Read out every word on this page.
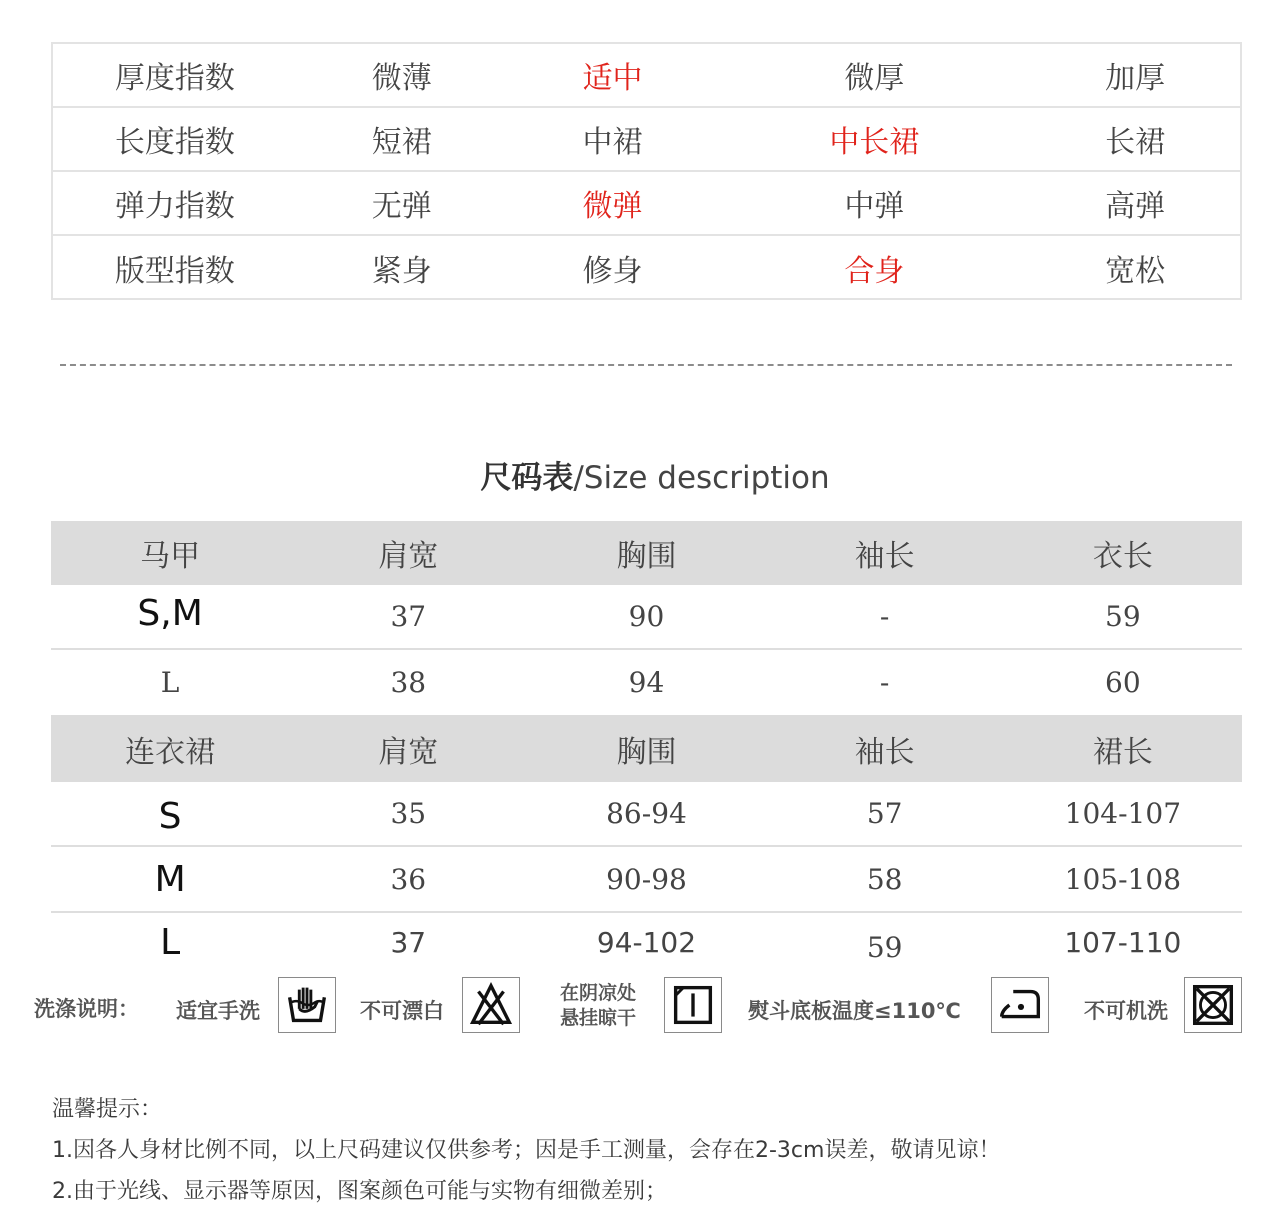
厚度指数	微薄	适中	微厚	加厚
长度指数	短裙	中裙	中长裙	长裙
弹力指数	无弹	微弹	中弹	高弹
版型指数	紧身	修身	合身	宽松
尺码表/Size description
马甲	肩宽	胸围	袖长	衣长
S,M	37	90	-	59
L	38	94	-	60
连衣裙	肩宽	胸围	袖长	裙长
S	35	86-94	57	104-107
M	36	90-98	58	105-108
L	37	94-102	59	107-110
洗涤说明： 适宜手洗	不可漂白
在阴凉处
悬挂晾干	熨斗底板温度≤110℃	不可机洗
温馨提示：
1.因各人身材比例不同，以上尺码建议仅供参考；因是手工测量，会存在2-3cm误差，敬请见谅！
2.由于光线、显示器等原因，图案颜色可能与实物有细微差别；
